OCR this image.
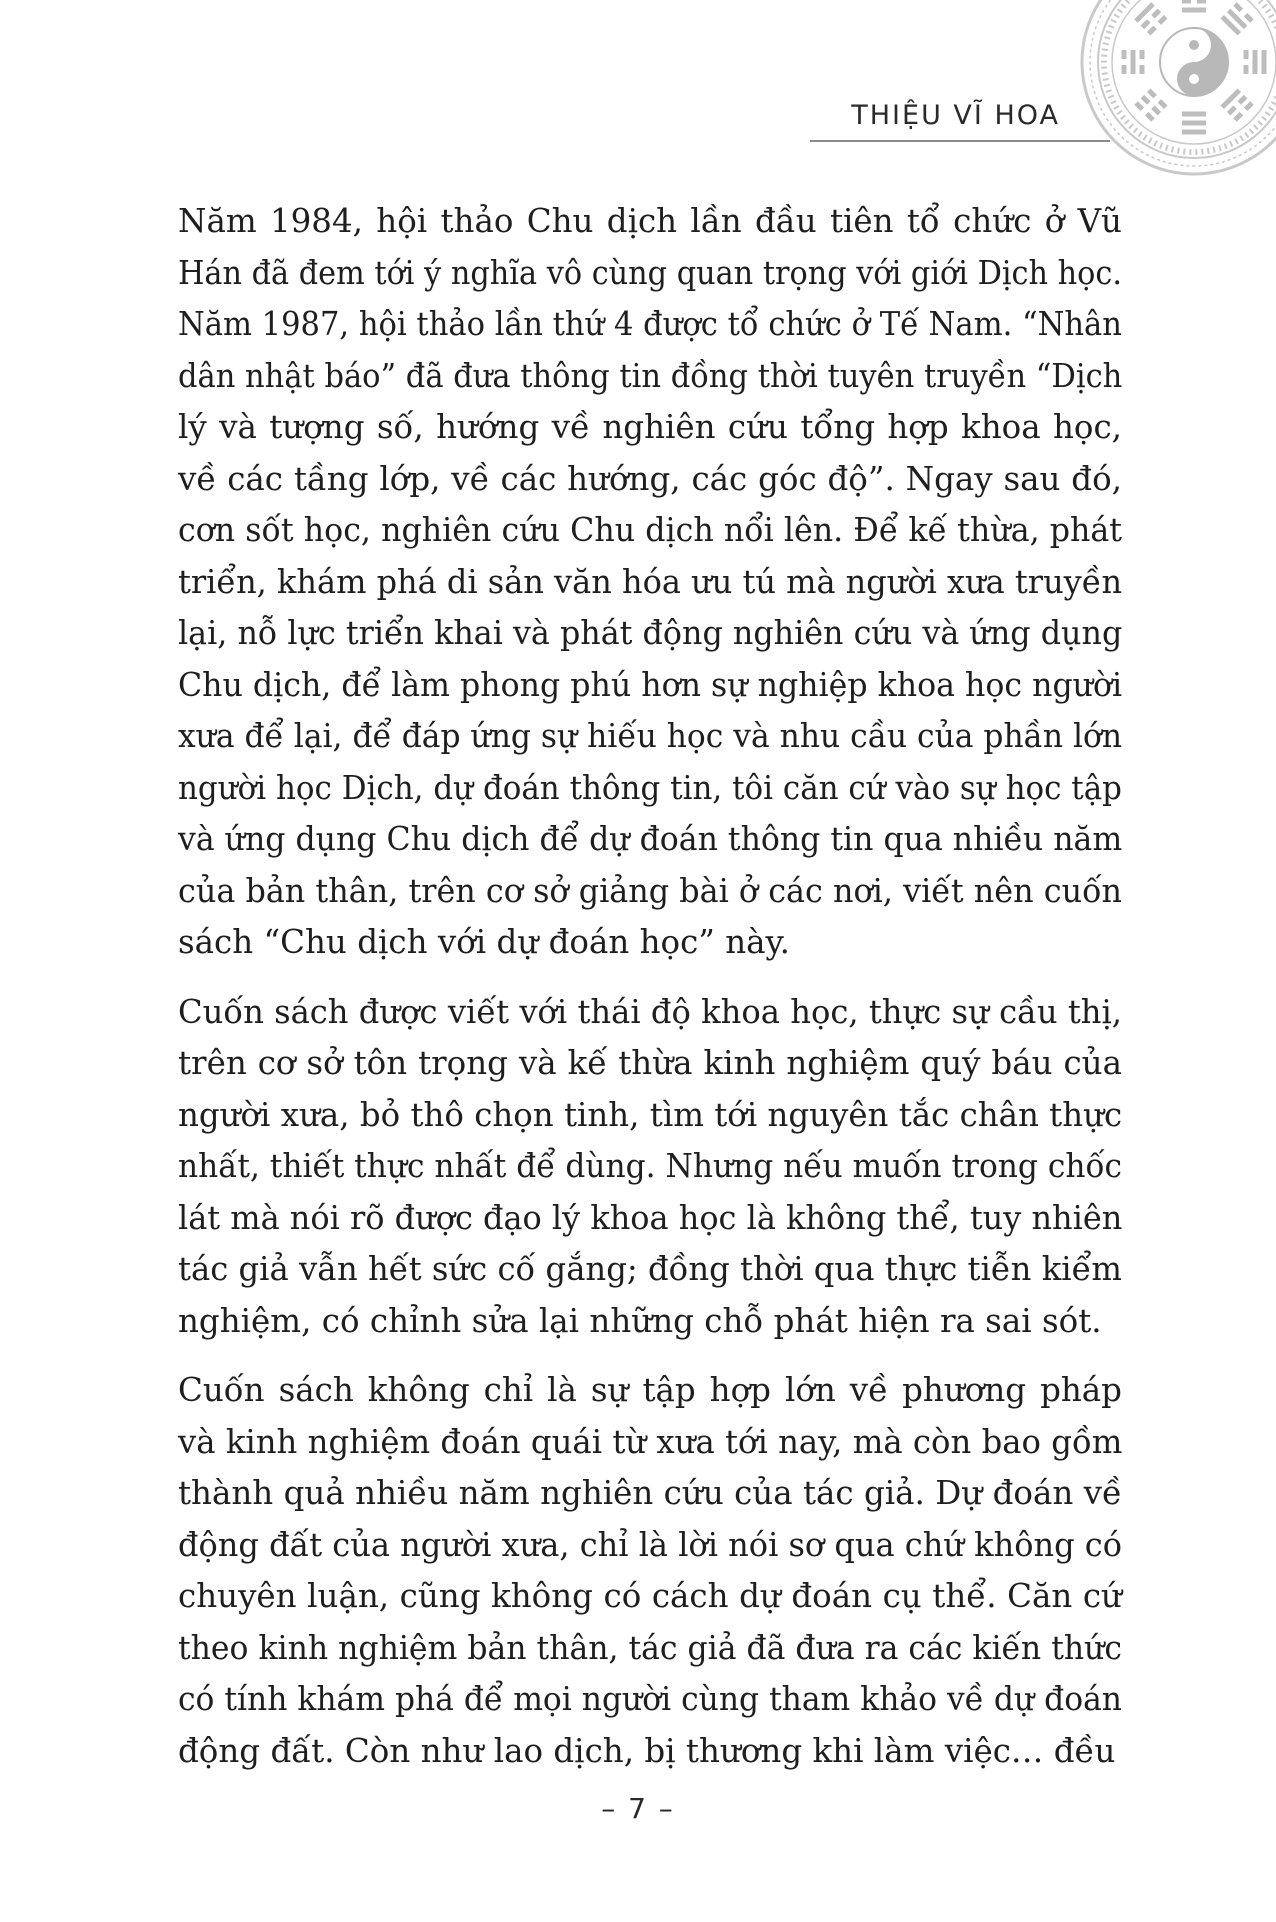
THIỆU VĨ HOA

Năm 1984, hội thảo Chu dịch lần đầu tiên tổ chức ở Vũ
Hán đã đem tới ý nghĩa vô cùng quan trọng với giới Dịch học.
Năm 1987, hội thảo lần thứ 4 được tổ chức ở Tế Nam. “Nhân
dân nhật báo” đã đưa thông tin đồng thời tuyên truyền “Dịch
lý và tượng số, hướng về nghiên cứu tổng hợp khoa học,
về các tầng lớp, về các hướng, các góc độ”. Ngay sau đó,
cơn sốt học, nghiên cứu Chu dịch nổi lên. Để kế thừa, phát
triển, khám phá di sản văn hóa ưu tú mà người xưa truyền
lại, nỗ lực triển khai và phát động nghiên cứu và ứng dụng
Chu dịch, để làm phong phú hơn sự nghiệp khoa học người
xưa để lại, để đáp ứng sự hiếu học và nhu cầu của phần lớn
người học Dịch, dự đoán thông tin, tôi căn cứ vào sự học tập
và ứng dụng Chu dịch để dự đoán thông tin qua nhiều năm
của bản thân, trên cơ sở giảng bài ở các nơi, viết nên cuốn
sách “Chu dịch với dự đoán học” này.

Cuốn sách được viết với thái độ khoa học, thực sự cầu thị,
trên cơ sở tôn trọng và kế thừa kinh nghiệm quý báu của
người xưa, bỏ thô chọn tinh, tìm tới nguyên tắc chân thực
nhất, thiết thực nhất để dùng. Nhưng nếu muốn trong chốc
lát mà nói rõ được đạo lý khoa học là không thể, tuy nhiên
tác giả vẫn hết sức cố gắng; đồng thời qua thực tiễn kiểm
nghiệm, có chỉnh sửa lại những chỗ phát hiện ra sai sót.

Cuốn sách không chỉ là sự tập hợp lớn về phương pháp
và kinh nghiệm đoán quái từ xưa tới nay, mà còn bao gồm
thành quả nhiều năm nghiên cứu của tác giả. Dự đoán về
động đất của người xưa, chỉ là lời nói sơ qua chứ không có
chuyên luận, cũng không có cách dự đoán cụ thể. Căn cứ
theo kinh nghiệm bản thân, tác giả đã đưa ra các kiến thức
có tính khám phá để mọi người cùng tham khảo về dự đoán
động đất. Còn như lao dịch, bị thương khi làm việc… đều

– 7 –
